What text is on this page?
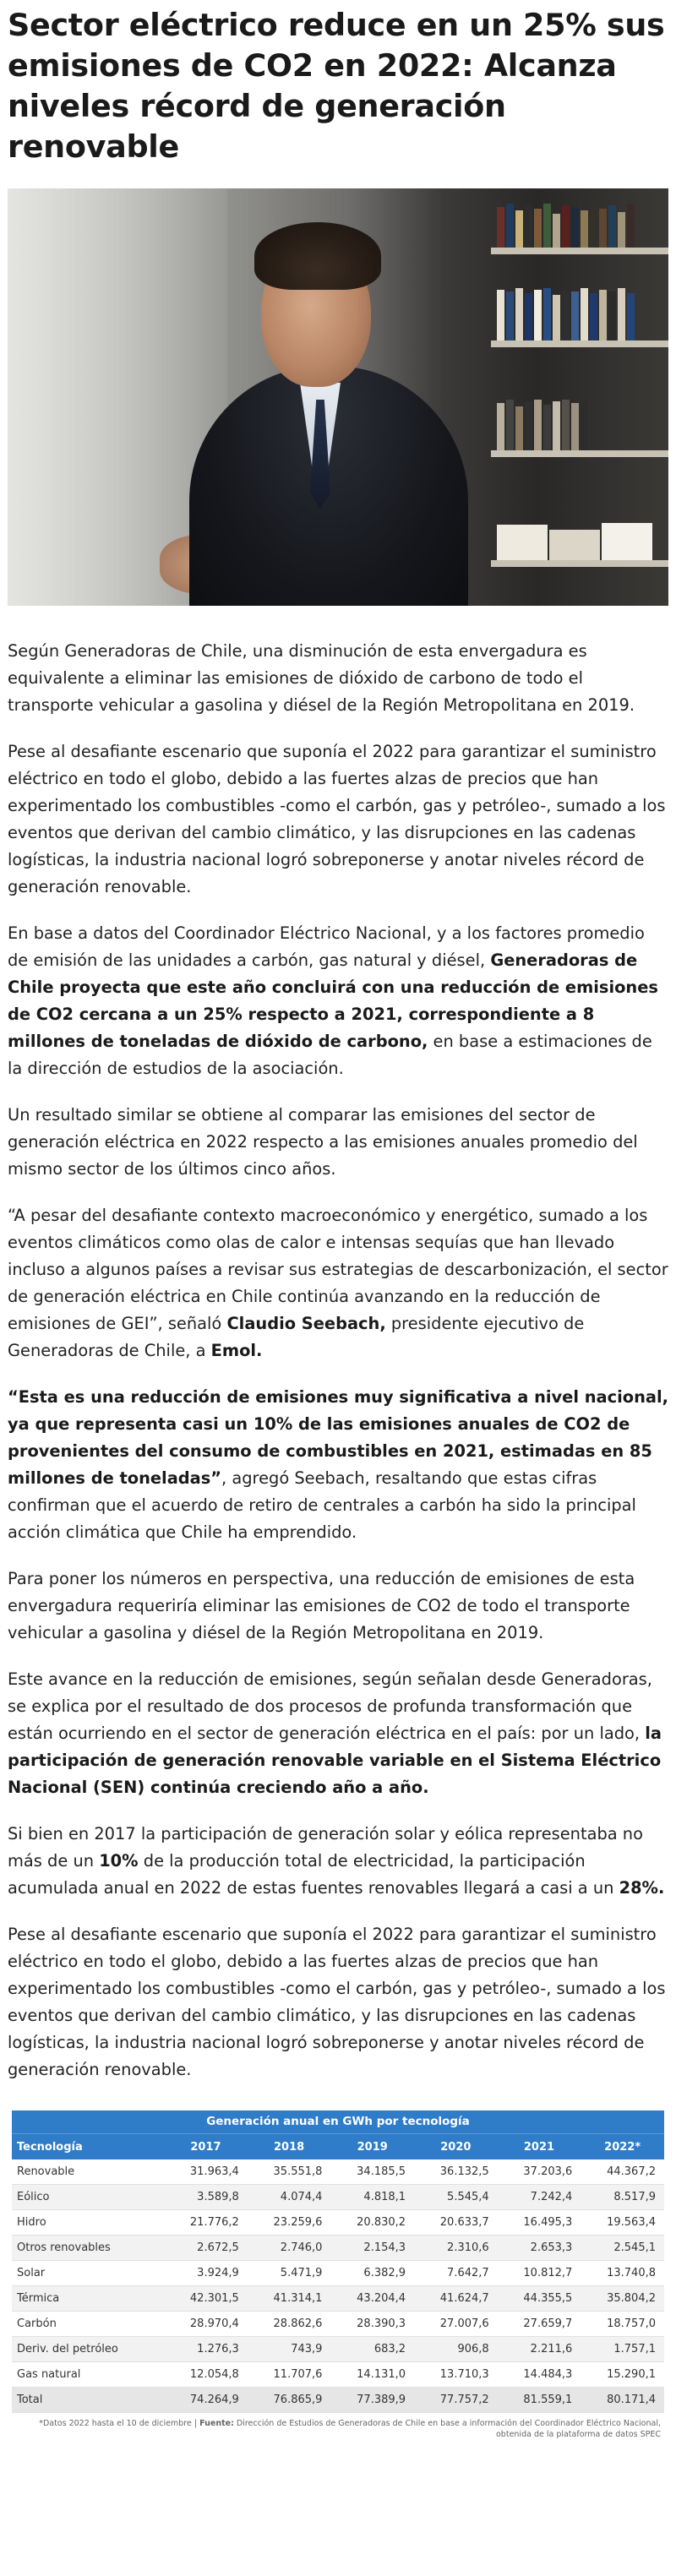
Sector eléctrico reduce en un 25% sus emisiones de CO2 en 2022: Alcanza niveles récord de generación renovable

Según Generadoras de Chile, una disminución de esta envergadura es equivalente a eliminar las emisiones de dióxido de carbono de todo el transporte vehicular a gasolina y diésel de la Región Metropolitana en 2019.

Pese al desafiante escenario que suponía el 2022 para garantizar el suministro eléctrico en todo el globo, debido a las fuertes alzas de precios que han experimentado los combustibles -como el carbón, gas y petróleo-, sumado a los eventos que derivan del cambio climático, y las disrupciones en las cadenas logísticas, la industria nacional logró sobreponerse y anotar niveles récord de generación renovable.

En base a datos del Coordinador Eléctrico Nacional, y a los factores promedio de emisión de las unidades a carbón, gas natural y diésel, Generadoras de Chile proyecta que este año concluirá con una reducción de emisiones de CO2 cercana a un 25% respecto a 2021, correspondiente a 8 millones de toneladas de dióxido de carbono, en base a estimaciones de la dirección de estudios de la asociación.

Un resultado similar se obtiene al comparar las emisiones del sector de generación eléctrica en 2022 respecto a las emisiones anuales promedio del mismo sector de los últimos cinco años.

“A pesar del desafiante contexto macroeconómico y energético, sumado a los eventos climáticos como olas de calor e intensas sequías que han llevado incluso a algunos países a revisar sus estrategias de descarbonización, el sector de generación eléctrica en Chile continúa avanzando en la reducción de emisiones de GEI”, señaló Claudio Seebach, presidente ejecutivo de Generadoras de Chile, a Emol.

“Esta es una reducción de emisiones muy significativa a nivel nacional, ya que representa casi un 10% de las emisiones anuales de CO2 de provenientes del consumo de combustibles en 2021, estimadas en 85 millones de toneladas”, agregó Seebach, resaltando que estas cifras confirman que el acuerdo de retiro de centrales a carbón ha sido la principal acción climática que Chile ha emprendido.

Para poner los números en perspectiva, una reducción de emisiones de esta envergadura requeriría eliminar las emisiones de CO2 de todo el transporte vehicular a gasolina y diésel de la Región Metropolitana en 2019.

Este avance en la reducción de emisiones, según señalan desde Generadoras, se explica por el resultado de dos procesos de profunda transformación que están ocurriendo en el sector de generación eléctrica en el país: por un lado, la participación de generación renovable variable en el Sistema Eléctrico Nacional (SEN) continúa creciendo año a año.

Si bien en 2017 la participación de generación solar y eólica representaba no más de un 10% de la producción total de electricidad, la participación acumulada anual en 2022 de estas fuentes renovables llegará a casi a un 28%.

Pese al desafiante escenario que suponía el 2022 para garantizar el suministro eléctrico en todo el globo, debido a las fuertes alzas de precios que han experimentado los combustibles -como el carbón, gas y petróleo-, sumado a los eventos que derivan del cambio climático, y las disrupciones en las cadenas logísticas, la industria nacional logró sobreponerse y anotar niveles récord de generación renovable.

Generación anual en GWh por tecnología
Tecnología	2017	2018	2019	2020	2021	2022*
Renovable	31.963,4	35.551,8	34.185,5	36.132,5	37.203,6	44.367,2
Eólico	3.589,8	4.074,4	4.818,1	5.545,4	7.242,4	8.517,9
Hidro	21.776,2	23.259,6	20.830,2	20.633,7	16.495,3	19.563,4
Otros renovables	2.672,5	2.746,0	2.154,3	2.310,6	2.653,3	2.545,1
Solar	3.924,9	5.471,9	6.382,9	7.642,7	10.812,7	13.740,8
Térmica	42.301,5	41.314,1	43.204,4	41.624,7	44.355,5	35.804,2
Carbón	28.970,4	28.862,6	28.390,3	27.007,6	27.659,7	18.757,0
Deriv. del petróleo	1.276,3	743,9	683,2	906,8	2.211,6	1.757,1
Gas natural	12.054,8	11.707,6	14.131,0	13.710,3	14.484,3	15.290,1
Total	74.264,9	76.865,9	77.389,9	77.757,2	81.559,1	80.171,4
*Datos 2022 hasta el 10 de diciembre | Fuente: Dirección de Estudios de Generadoras de Chile en base a información del Coordinador Eléctrico Nacional, obtenida de la plataforma de datos SPEC
